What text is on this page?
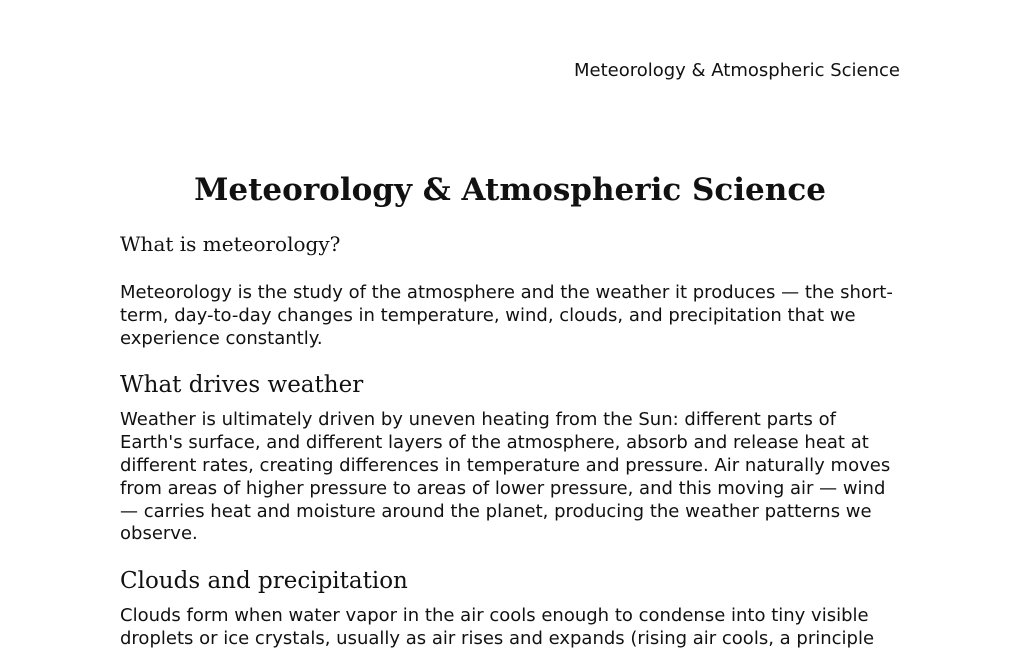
Meteorology & Atmospheric Science
Meteorology & Atmospheric Science
What is meteorology?

Meteorology is the study of the atmosphere and the weather it produces — the short-term, day-to-day changes in temperature, wind, clouds, and precipitation that we experience constantly.

What drives weather

Weather is ultimately driven by uneven heating from the Sun: different parts of Earth's surface, and different layers of the atmosphere, absorb and release heat at different rates, creating differences in temperature and pressure. Air naturally moves from areas of higher pressure to areas of lower pressure, and this moving air — wind — carries heat and moisture around the planet, producing the weather patterns we observe.

Clouds and precipitation

Clouds form when water vapor in the air cools enough to condense into tiny visible droplets or ice crystals, usually as air rises and expands (rising air cools, a principle
